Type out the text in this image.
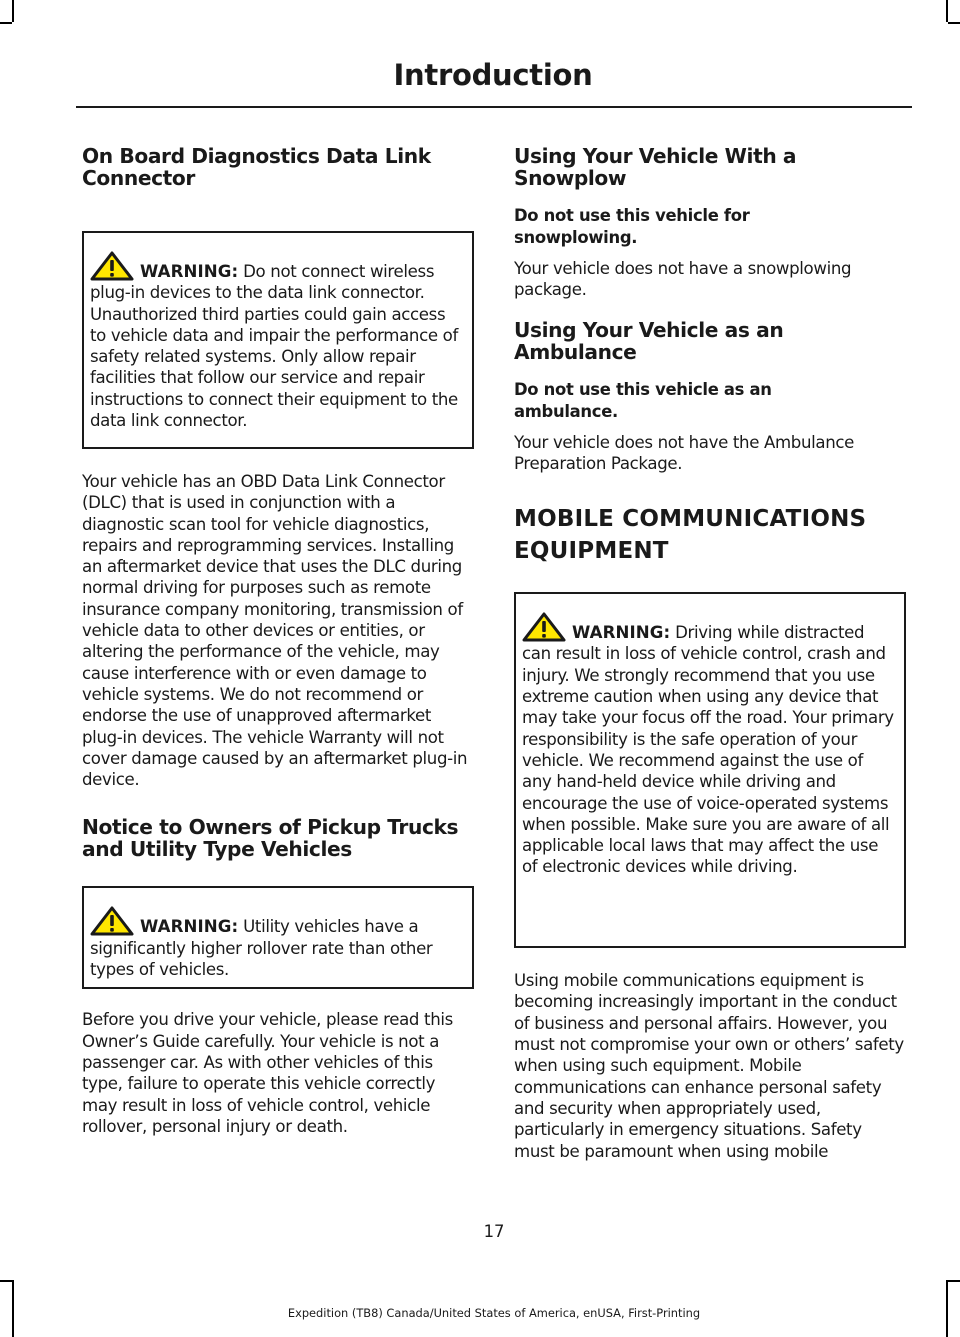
Introduction
On Board Diagnostics Data Link Connector

WARNING: Do not connect wireless plug-in devices to the data link connector. Unauthorized third parties could gain access to vehicle data and impair the performance of safety related systems. Only allow repair facilities that follow our service and repair instructions to connect their equipment to the data link connector.

Your vehicle has an OBD Data Link Connector (DLC) that is used in conjunction with a diagnostic scan tool for vehicle diagnostics, repairs and reprogramming services. Installing an aftermarket device that uses the DLC during normal driving for purposes such as remote insurance company monitoring, transmission of vehicle data to other devices or entities, or altering the performance of the vehicle, may cause interference with or even damage to vehicle systems. We do not recommend or endorse the use of unapproved aftermarket plug-in devices. The vehicle Warranty will not cover damage caused by an aftermarket plug-in device.

Notice to Owners of Pickup Trucks and Utility Type Vehicles

WARNING: Utility vehicles have a significantly higher rollover rate than other types of vehicles.

Before you drive your vehicle, please read this Owner’s Guide carefully. Your vehicle is not a passenger car. As with other vehicles of this type, failure to operate this vehicle correctly may result in loss of vehicle control, vehicle rollover, personal injury or death.

Using Your Vehicle With a Snowplow
Do not use this vehicle for snowplowing.

Your vehicle does not have a snowplowing package.

Using Your Vehicle as an Ambulance
Do not use this vehicle as an ambulance.

Your vehicle does not have the Ambulance Preparation Package.

MOBILE COMMUNICATIONS
EQUIPMENT

WARNING: Driving while distracted can result in loss of vehicle control, crash and injury. We strongly recommend that you use extreme caution when using any device that may take your focus off the road. Your primary responsibility is the safe operation of your vehicle. We recommend against the use of any hand-held device while driving and encourage the use of voice-operated systems when possible. Make sure you are aware of all applicable local laws that may affect the use of electronic devices while driving.

Using mobile communications equipment is becoming increasingly important in the conduct of business and personal affairs. However, you must not compromise your own or others’ safety when using such equipment. Mobile communications can enhance personal safety and security when appropriately used, particularly in emergency situations. Safety must be paramount when using mobile

17
Expedition (TB8) Canada/United States of America, enUSA, First-Printing
